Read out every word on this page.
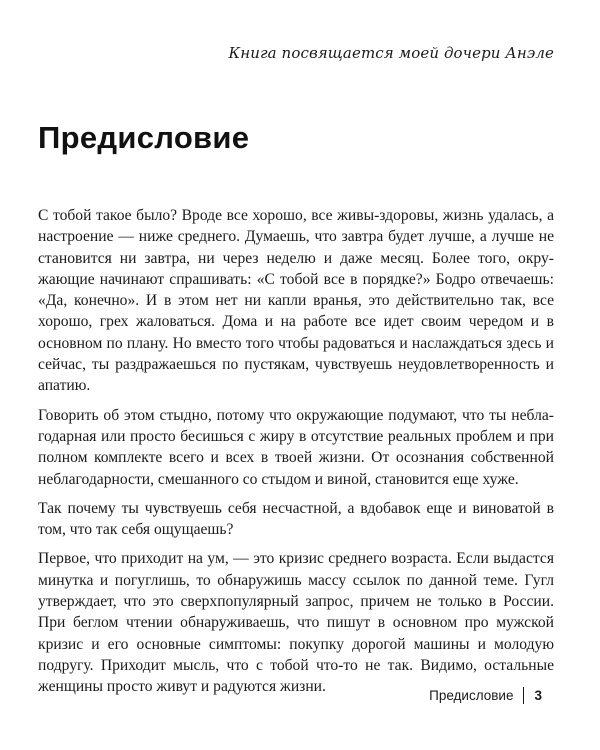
Книга посвящается моей дочери Анэле
Предисловие

С тобой такое было? Вроде все хорошо, все живы-здоровы, жизнь удалась, а настроение — ниже среднего. Думаешь, что завтра будет лучше, а лучше не становится ни завтра, ни через неделю и даже месяц. Более того, окружающие начинают спрашивать: «С тобой все в порядке?» Бодро отвечаешь: «Да, конечно». И в этом нет ни капли вранья, это действительно так, все хорошо, грех жаловаться. Дома и на работе все идет своим чередом и в основном по плану. Но вместо того чтобы радоваться и наслаждаться здесь и сейчас, ты раздражаешься по пустякам, чувствуешь неудовлетворенность и апатию.

Говорить об этом стыдно, потому что окружающие подумают, что ты неблагодарная или просто бесишься с жиру в отсутствие реальных проблем и при полном комплекте всего и всех в твоей жизни. От осознания собственной неблагодарности, смешанного со стыдом и виной, становится еще хуже.

Так почему ты чувствуешь себя несчастной, а вдобавок еще и виноватой в том, что так себя ощущаешь?

Первое, что приходит на ум, — это кризис среднего возраста. Если выдастся минутка и погуглишь, то обнаружишь массу ссылок по данной теме. Гугл утверждает, что это сверхпопулярный запрос, причем не только в России. При беглом чтении обнаруживаешь, что пишут в основном про мужской кризис и его основные симптомы: покупку дорогой машины и молодую подругу. Приходит мысль, что с тобой что-то не так. Видимо, остальные женщины просто живут и радуются жизни.

Предисловие 3
